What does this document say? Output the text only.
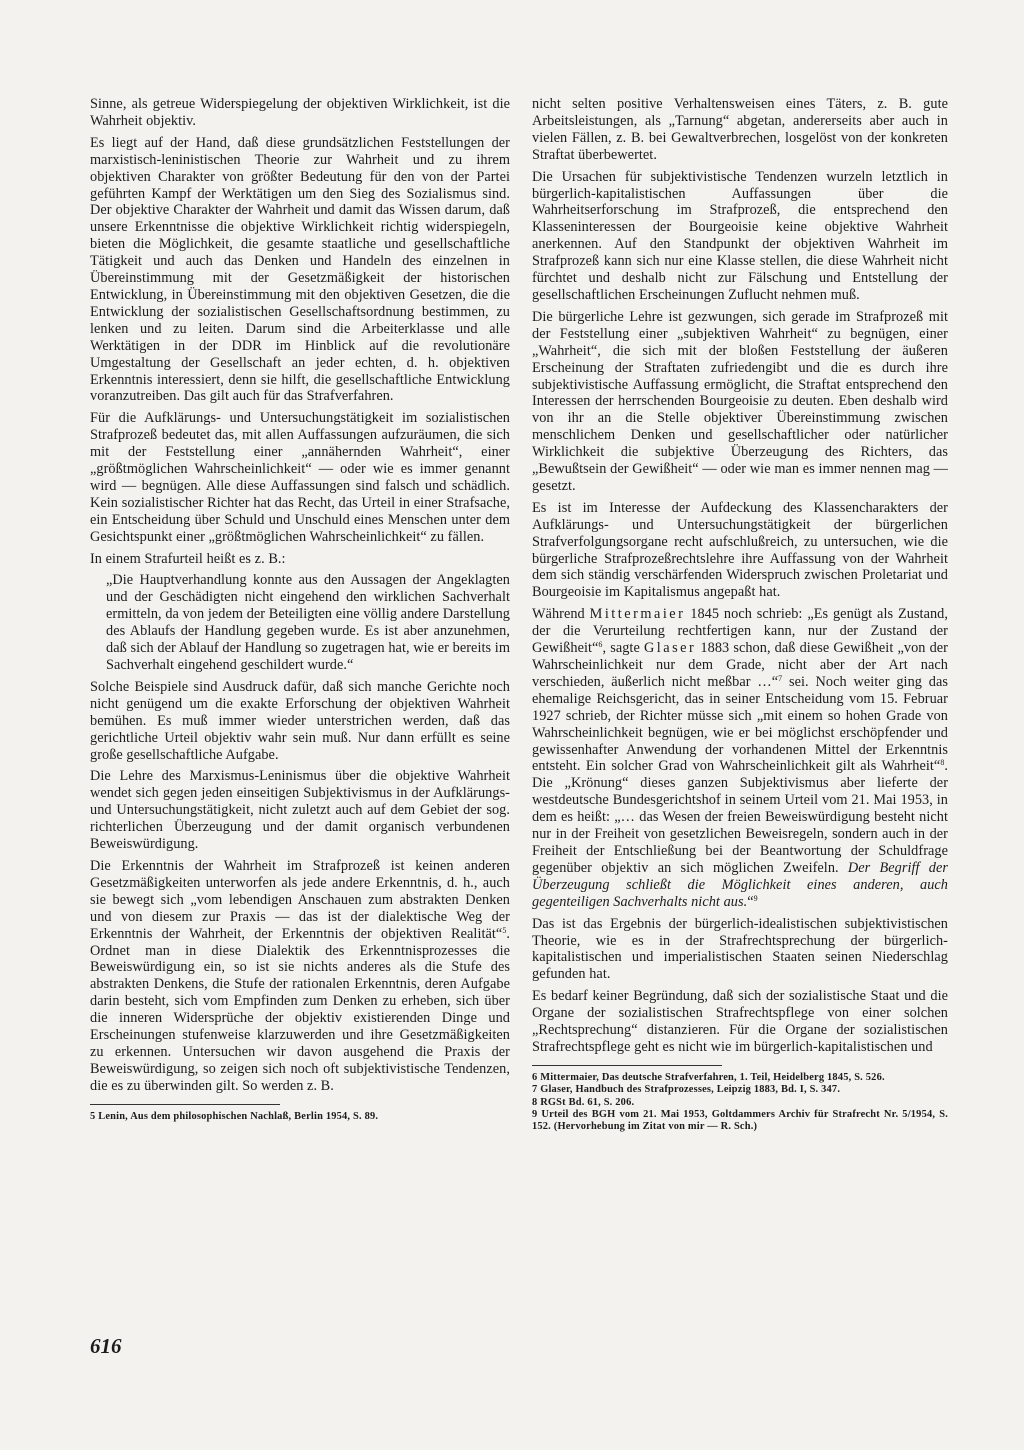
Sinne, als getreue Widerspiegelung der objektiven Wirklichkeit, ist die Wahrheit objektiv.

Es liegt auf der Hand, daß diese grundsätzlichen Feststellungen der marxistisch-leninistischen Theorie zur Wahrheit und zu ihrem objektiven Charakter von größter Bedeutung für den von der Partei geführten Kampf der Werktätigen um den Sieg des Sozialismus sind. Der objektive Charakter der Wahrheit und damit das Wissen darum, daß unsere Erkenntnisse die objektive Wirklichkeit richtig widerspiegeln, bieten die Möglichkeit, die gesamte staatliche und gesellschaftliche Tätigkeit und auch das Denken und Handeln des einzelnen in Übereinstimmung mit der Gesetzmäßigkeit der historischen Entwicklung, in Übereinstimmung mit den objektiven Gesetzen, die die Entwicklung der sozialistischen Gesellschaftsordnung bestimmen, zu lenken und zu leiten. Darum sind die Arbeiterklasse und alle Werktätigen in der DDR im Hinblick auf die revolutionäre Umgestaltung der Gesellschaft an jeder echten, d. h. objektiven Erkenntnis interessiert, denn sie hilft, die gesellschaftliche Entwicklung voranzutreiben. Das gilt auch für das Strafverfahren.

Für die Aufklärungs- und Untersuchungstätigkeit im sozialistischen Strafprozeß bedeutet das, mit allen Auffassungen aufzuräumen, die sich mit der Feststellung einer „annähernden Wahrheit“, einer „größtmöglichen Wahrscheinlichkeit“ — oder wie es immer genannt wird — begnügen. Alle diese Auffassungen sind falsch und schädlich. Kein sozialistischer Richter hat das Recht, das Urteil in einer Strafsache, ein Entscheidung über Schuld und Unschuld eines Menschen unter dem Gesichtspunkt einer „größtmöglichen Wahrscheinlichkeit“ zu fällen.

In einem Strafurteil heißt es z. B.:

„Die Hauptverhandlung konnte aus den Aussagen der Angeklagten und der Geschädigten nicht eingehend den wirklichen Sachverhalt ermitteln, da von jedem der Beteiligten eine völlig andere Darstellung des Ablaufs der Handlung gegeben wurde. Es ist aber anzunehmen, daß sich der Ablauf der Handlung so zugetragen hat, wie er bereits im Sachverhalt eingehend geschildert wurde.“

Solche Beispiele sind Ausdruck dafür, daß sich manche Gerichte noch nicht genügend um die exakte Erforschung der objektiven Wahrheit bemühen. Es muß immer wieder unterstrichen werden, daß das gerichtliche Urteil objektiv wahr sein muß. Nur dann erfüllt es seine große gesellschaftliche Aufgabe.

Die Lehre des Marxismus-Leninismus über die objektive Wahrheit wendet sich gegen jeden einseitigen Subjektivismus in der Aufklärungs- und Untersuchungstätigkeit, nicht zuletzt auch auf dem Gebiet der sog. richterlichen Überzeugung und der damit organisch verbundenen Beweiswürdigung.

Die Erkenntnis der Wahrheit im Strafprozeß ist keinen anderen Gesetzmäßigkeiten unterworfen als jede andere Erkenntnis, d. h., auch sie bewegt sich „vom lebendigen Anschauen zum abstrakten Denken und von diesem zur Praxis — das ist der dialektische Weg der Erkenntnis der Wahrheit, der Erkenntnis der objektiven Realität“$^5$. Ordnet man in diese Dialektik des Erkenntnisprozesses die Beweiswürdigung ein, so ist sie nichts anderes als die Stufe des abstrakten Denkens, die Stufe der rationalen Erkenntnis, deren Aufgabe darin besteht, sich vom Empfinden zum Denken zu erheben, sich über die inneren Widersprüche der objektiv existierenden Dinge und Erscheinungen stufenweise klarzuwerden und ihre Gesetzmäßigkeiten zu erkennen. Untersuchen wir davon ausgehend die Praxis der Beweiswürdigung, so zeigen sich noch oft subjektivistische Tendenzen, die es zu überwinden gilt. So werden z. B.

5 Lenin, Aus dem philosophischen Nachlaß, Berlin 1954, S. 89.

nicht selten positive Verhaltensweisen eines Täters, z. B. gute Arbeitsleistungen, als „Tarnung“ abgetan, andererseits aber auch in vielen Fällen, z. B. bei Gewaltverbrechen, losgelöst von der konkreten Straftat überbewertet.

Die Ursachen für subjektivistische Tendenzen wurzeln letztlich in bürgerlich-kapitalistischen Auffassungen über die Wahrheitserforschung im Strafprozeß, die entsprechend den Klasseninteressen der Bourgeoisie keine objektive Wahrheit anerkennen. Auf den Standpunkt der objektiven Wahrheit im Strafprozeß kann sich nur eine Klasse stellen, die diese Wahrheit nicht fürchtet und deshalb nicht zur Fälschung und Entstellung der gesellschaftlichen Erscheinungen Zuflucht nehmen muß.

Die bürgerliche Lehre ist gezwungen, sich gerade im Strafprozeß mit der Feststellung einer „subjektiven Wahrheit“ zu begnügen, einer „Wahrheit“, die sich mit der bloßen Feststellung der äußeren Erscheinung der Straftaten zufriedengibt und die es durch ihre subjektivistische Auffassung ermöglicht, die Straftat entsprechend den Interessen der herrschenden Bourgeoisie zu deuten. Eben deshalb wird von ihr an die Stelle objektiver Übereinstimmung zwischen menschlichem Denken und gesellschaftlicher oder natürlicher Wirklichkeit die subjektive Überzeugung des Richters, das „Bewußtsein der Gewißheit“ — oder wie man es immer nennen mag — gesetzt.

Es ist im Interesse der Aufdeckung des Klassencharakters der Aufklärungs- und Untersuchungstätigkeit der bürgerlichen Strafverfolgungsorgane recht aufschlußreich, zu untersuchen, wie die bürgerliche Strafprozeßrechtslehre ihre Auffassung von der Wahrheit dem sich ständig verschärfenden Widerspruch zwischen Proletariat und Bourgeoisie im Kapitalismus angepaßt hat.

Während Mittermaier 1845 noch schrieb: „Es genügt als Zustand, der die Verurteilung rechtfertigen kann, nur der Zustand der Gewißheit“$^6$, sagte Glaser 1883 schon, daß diese Gewißheit „von der Wahrscheinlichkeit nur dem Grade, nicht aber der Art nach verschieden, äußerlich nicht meßbar …“$^7$ sei. Noch weiter ging das ehemalige Reichsgericht, das in seiner Entscheidung vom 15. Februar 1927 schrieb, der Richter müsse sich „mit einem so hohen Grade von Wahrscheinlichkeit begnügen, wie er bei möglichst erschöpfender und gewissenhafter Anwendung der vorhandenen Mittel der Erkenntnis entsteht. Ein solcher Grad von Wahrscheinlichkeit gilt als Wahrheit“$^8$. Die „Krönung“ dieses ganzen Subjektivismus aber lieferte der westdeutsche Bundesgerichtshof in seinem Urteil vom 21. Mai 1953, in dem es heißt: „… das Wesen der freien Beweiswürdigung besteht nicht nur in der Freiheit von gesetzlichen Beweisregeln, sondern auch in der Freiheit der Entschließung bei der Beantwortung der Schuldfrage gegenüber objektiv an sich möglichen Zweifeln. Der Begriff der Überzeugung schließt die Möglichkeit eines anderen, auch gegenteiligen Sachverhalts nicht aus.“$^9$

Das ist das Ergebnis der bürgerlich-idealistischen subjektivistischen Theorie, wie es in der Strafrechtsprechung der bürgerlich-kapitalistischen und imperialistischen Staaten seinen Niederschlag gefunden hat.

Es bedarf keiner Begründung, daß sich der sozialistische Staat und die Organe der sozialistischen Strafrechtspflege von einer solchen „Rechtsprechung“ distanzieren. Für die Organe der sozialistischen Strafrechtspflege geht es nicht wie im bürgerlich-kapitalistischen und

6 Mittermaier, Das deutsche Strafverfahren, 1. Teil, Heidelberg 1845, S. 526.

7 Glaser, Handbuch des Strafprozesses, Leipzig 1883, Bd. I, S. 347.

8 RGSt Bd. 61, S. 206.

9 Urteil des BGH vom 21. Mai 1953, Goltdammers Archiv für Strafrecht Nr. 5/1954, S. 152. (Hervorhebung im Zitat von mir — R. Sch.)

616
